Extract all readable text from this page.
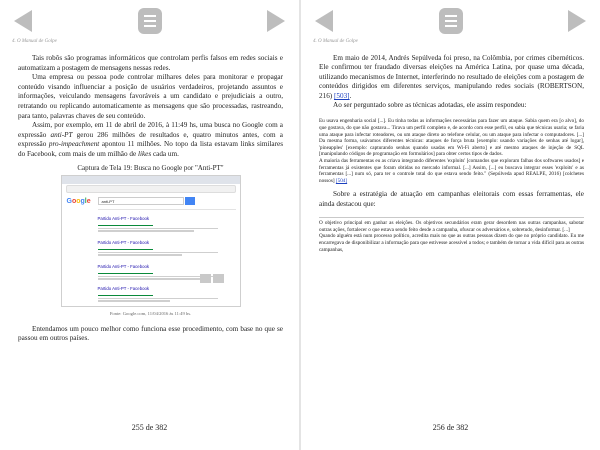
4. O Manual de Golpe

Tais robôs são programas informáticos que controlam perfis falsos em redes sociais e automatizam a postagem de mensagens nessas redes.

Uma empresa ou pessoa pode controlar milhares deles para monitorar e propagar conteúdo visando influenciar a posição de usuários verdadeiros, projetando assuntos e informações, veiculando mensagens favoráveis a um candidato e prejudiciais a outro, retratando ou replicando automaticamente as mensagens que são processadas, rastreando, para tanto, palavras chaves de seu conteúdo.

Assim, por exemplo, em 11 de abril de 2016, à 11:49 hs, uma busca no Google com a expressão anti-PT gerou 286 milhões de resultados e, quatro minutos antes, com a expressão pro-impeachment apontou 11 milhões. No topo da lista estavam links similares do Facebook, com mais de um milhão de likes cada um.

Captura de Tela 19: Busca no Google por "Anti-PT"
Google	anti-PT
Partido Anti-PT - Facebook
Partido Anti-PT - Facebook
Partido Anti-PT - Facebook
Partido Anti-PT - Facebook
Fonte: Google.com, 11/04/2016 às 11:49 hs.

Entendamos um pouco melhor como funciona esse procedimento, com base no que se passou em outros países.

255 de 382
4. O Manual de Golpe

Em maio de 2014, Andrés Sepúlveda foi preso, na Colômbia, por crimes cibernéticos. Ele confirmou ter fraudado diversas eleições na América Latina, por quase uma década, utilizando mecanismos de Internet, interferindo no resultado de eleições com a postagem de conteúdos dirigidos em diferentes serviços, manipulando redes sociais (ROBERTSON, 216) [503].

Ao ser perguntado sobre as técnicas adotadas, ele assim respondeu:

Eu usava engenharia social [...]. Eu tinha todas as informações necessárias para fazer um ataque. Sabia quem era [o alvo], do que gostava, do que não gostava... Tirava um perfil completo e, de acordo com esse perfil, eu sabia que técnicas usaria; se faria uma ataque para infectar roteadores, ou um ataque direto ao telefone celular, ou um ataque para infectar o computadores. [...] Da mesma forma, usávamos diferentes técnicas: ataques de força bruta [exemplo: usando variações de senhas até logar], 'pineapples' [exemplo: capturando senhas quando usadas em Wi-Fi aberto] e até mesmo ataques de injeção de SQL [manipulando códigos de programação em formulários] para obter certos tipos de dados.

A maioria das ferramentas eu as criava integrando diferentes 'exploits' [comandos que exploram falhas dos softwares usados] e ferramentas já existentes que foram obtidas no mercado informal. [...] Assim, [...] eu buscava integrar esses 'exploits' e as ferramentas [...] num só, para ter o controle total do que estava sendo feito." (Sepúlveda apud REALPE, 2016) [colchetes nossos] [504]

Sobre a estratégia de atuação em campanhas eleitorais com essas ferramentas, ele ainda destacou que:

O objetivo principal em ganhar as eleições. Os objetivos secundários eram gerar desordem nas outras campanhas, sabotar outras ações, fortalecer o que estava sendo feito desde a campanha, ofuscar os adversários e, sobretudo, desinformar. [...]

Quando alguém está num processo político, acredita mais no que as outras pessoas dizem do que no próprio candidato. Eu me encarregava de disponibilizar a informação para que estivesse acessível a todos; e também de tornar a vida difícil para as outras campanhas,

256 de 382
